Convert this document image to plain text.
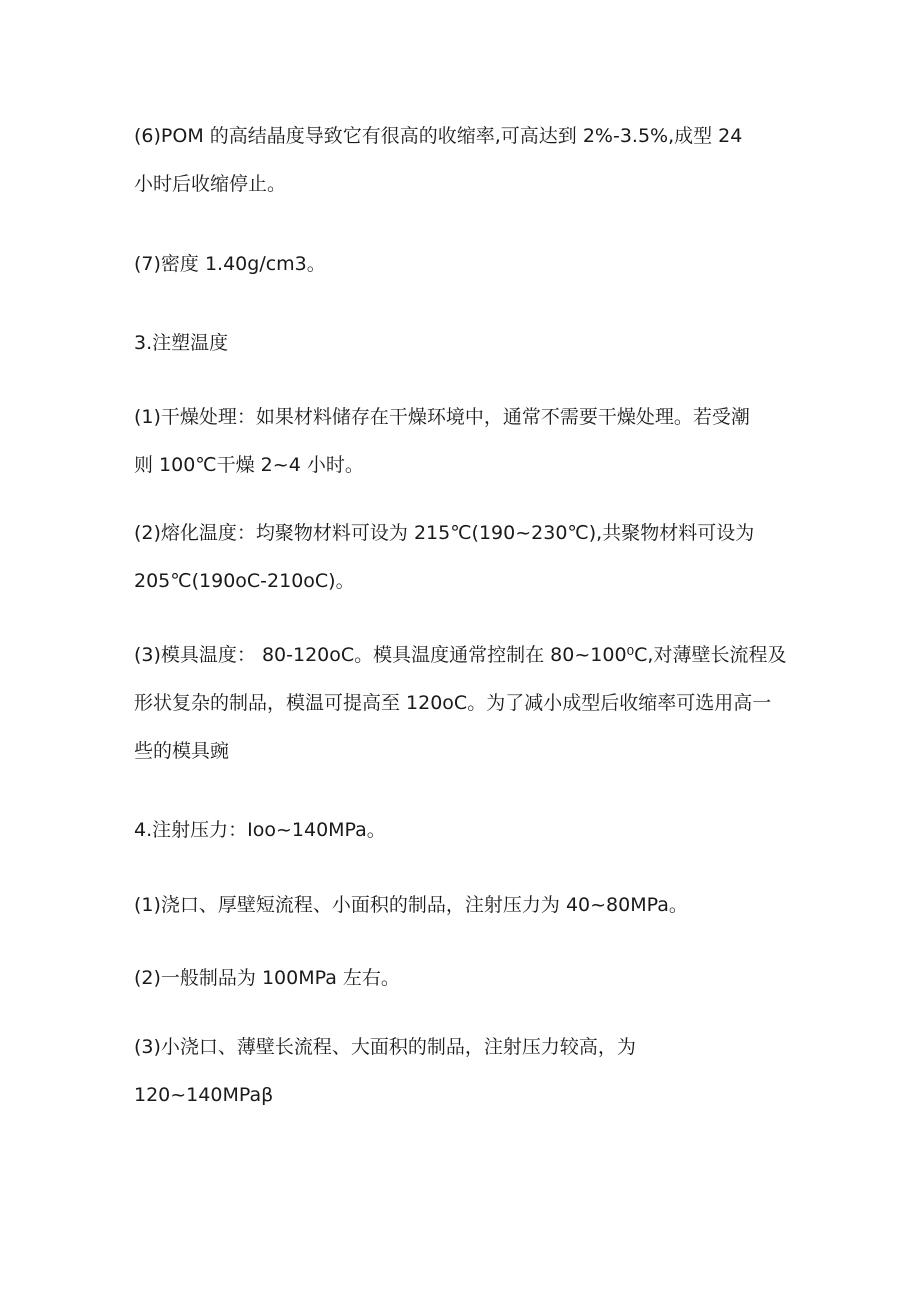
(6)POM 的高结晶度导致它有很高的收缩率,可高达到 2%-3.5%,成型 24
小时后收缩停止。

(7)密度 1.40g∕cm3。

3.注塑温度

(1)干燥处理：如果材料储存在干燥环境中，通常不需要干燥处理。若受潮
则 100℃干燥 2~4 小时。

(2)熔化温度：均聚物材料可设为 215℃(190~230℃),共聚物材料可设为
205℃(190oC-210oC)。

(3)模具温度： 80-120oC。模具温度通常控制在 80~100⁰C,对薄壁长流程及
形状复杂的制品，模温可提高至 120oC。为了减小成型后收缩率可选用高一
些的模具豌

4.注射压力：Ioo~140MPa。

(1)浇口、厚壁短流程、小面积的制品，注射压力为 40~80MPa。

(2)一般制品为 100MPa 左右。

(3)小浇口、薄壁长流程、大面积的制品，注射压力较高，为
120~140MPaβ
